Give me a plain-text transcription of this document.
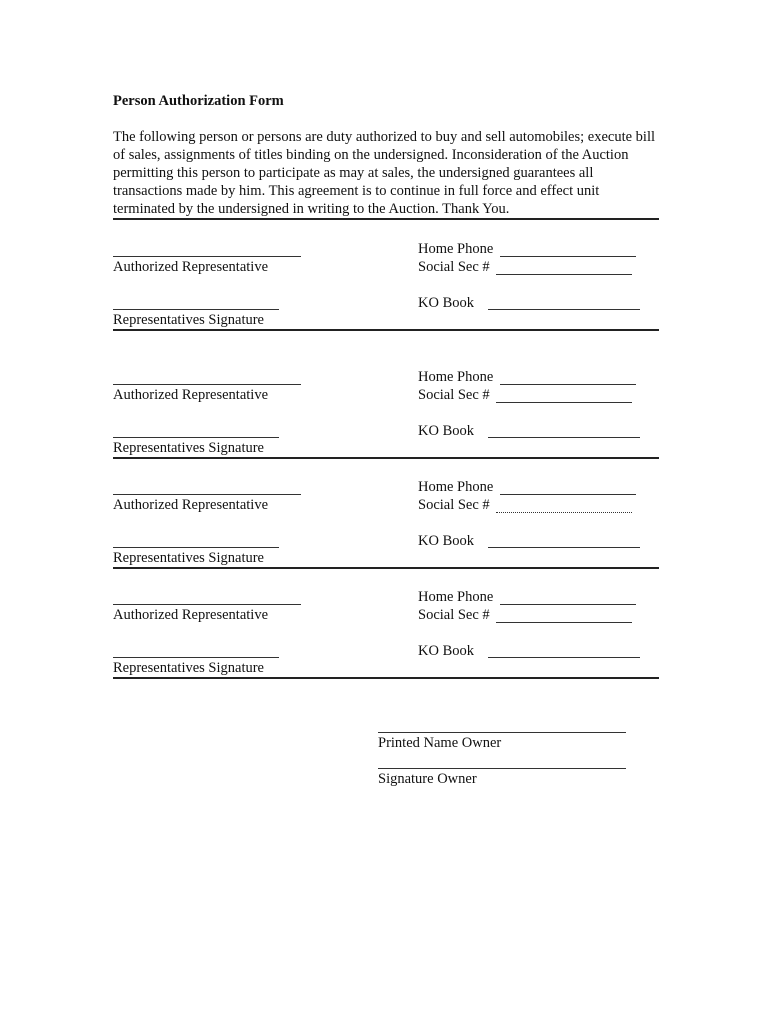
Person Authorization Form

The following person or persons are duty authorized to buy and sell automobiles; execute bill of sales, assignments of titles binding on the undersigned. Inconsideration of the Auction permitting this person to participate as may at sales, the undersigned guarantees all transactions made by him. This agreement is to continue in full force and effect unit terminated by the undersigned in writing to the Auction. Thank You.

Authorized Representative
Home Phone
Social Sec #
KO Book
Representatives Signature
Authorized Representative
Home Phone
Social Sec #
KO Book
Representatives Signature
Authorized Representative
Home Phone
Social Sec #
KO Book
Representatives Signature
Authorized Representative
Home Phone
Social Sec #
KO Book
Representatives Signature
Printed Name Owner
Signature Owner
